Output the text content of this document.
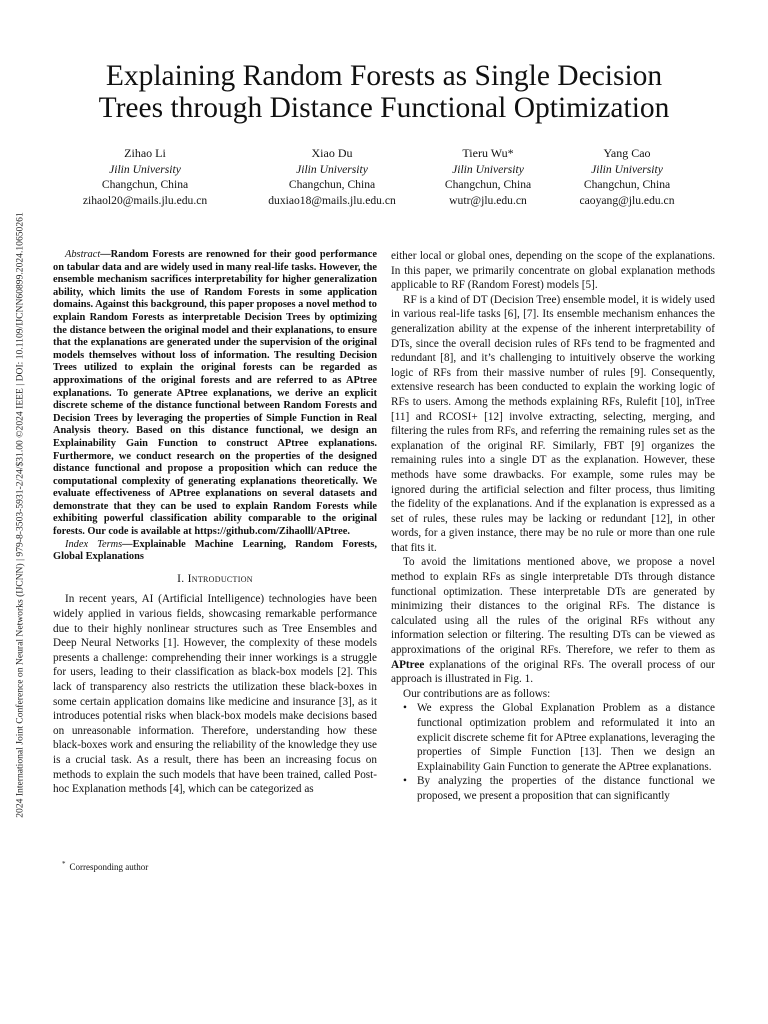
2024 International Joint Conference on Neural Networks (IJCNN) | 979-8-3503-5931-2/24/$31.00 ©2024 IEEE | DOI: 10.1109/IJCNN60899.2024.10650261
Explaining Random Forests as Single Decision
Trees through Distance Functional Optimization
Zihao Li
Jilin University
Changchun, China
zihaol20@mails.jlu.edu.cn
Xiao Du
Jilin University
Changchun, China
duxiao18@mails.jlu.edu.cn
Tieru Wu*
Jilin University
Changchun, China
wutr@jlu.edu.cn
Yang Cao
Jilin University
Changchun, China
caoyang@jlu.edu.cn

Abstract—Random Forests are renowned for their good performance on tabular data and are widely used in many real-life tasks. However, the ensemble mechanism sacrifices interpretability for higher generalization ability, which limits the use of Random Forests in some application domains. Against this background, this paper proposes a novel method to explain Random Forests as interpretable Decision Trees by optimizing the distance between the original model and their explanations, to ensure that the explanations are generated under the supervision of the original models themselves without loss of information. The resulting Decision Trees utilized to explain the original forests can be regarded as approximations of the original forests and are referred to as APtree explanations. To generate APtree explanations, we derive an explicit discrete scheme of the distance functional between Random Forests and Decision Trees by leveraging the properties of Simple Function in Real Analysis theory. Based on this distance functional, we design an Explainability Gain Function to construct APtree explanations. Furthermore, we conduct research on the properties of the designed distance functional and propose a proposition which can reduce the computational complexity of generating explanations theoretically. We evaluate effectiveness of APtree explanations on several datasets and demonstrate that they can be used to explain Random Forests while exhibiting powerful classification ability comparable to the original forests. Our code is available at https://github.com/Zihaolll/APtree.

Index Terms—Explainable Machine Learning, Random Forests, Global Explanations

I. Introduction

In recent years, AI (Artificial Intelligence) technologies have been widely applied in various fields, showcasing remarkable performance due to their highly nonlinear structures such as Tree Ensembles and Deep Neural Networks [1]. However, the complexity of these models presents a challenge: comprehending their inner workings is a struggle for users, leading to their classification as black-box models [2]. This lack of transparency also restricts the utilization these black-boxes in some certain application domains like medicine and insurance [3], as it introduces potential risks when black-box models make decisions based on unreasonable information. Therefore, understanding how these black-boxes work and ensuring the reliability of the knowledge they use is a crucial task. As a result, there has been an increasing focus on methods to explain the such models that have been trained, called Post-hoc Explanation methods [4], which can be categorized as

* Corresponding author

either local or global ones, depending on the scope of the explanations. In this paper, we primarily concentrate on global explanation methods applicable to RF (Random Forest) models [5].

RF is a kind of DT (Decision Tree) ensemble model, it is widely used in various real-life tasks [6], [7]. Its ensemble mechanism enhances the generalization ability at the expense of the inherent interpretability of DTs, since the overall decision rules of RFs tend to be fragmented and redundant [8], and it’s challenging to intuitively observe the working logic of RFs from their massive number of rules [9]. Consequently, extensive research has been conducted to explain the working logic of RFs to users. Among the methods explaining RFs, Rulefit [10], inTree [11] and RCOSI+ [12] involve extracting, selecting, merging, and filtering the rules from RFs, and referring the remaining rules set as the explanation of the original RF. Similarly, FBT [9] organizes the remaining rules into a single DT as the explanation. However, these methods have some drawbacks. For example, some rules may be ignored during the artificial selection and filter process, thus limiting the fidelity of the explanations. And if the explanation is expressed as a set of rules, these rules may be lacking or redundant [12], in other words, for a given instance, there may be no rule or more than one rule that fits it.

To avoid the limitations mentioned above, we propose a novel method to explain RFs as single interpretable DTs through distance functional optimization. These interpretable DTs are generated by minimizing their distances to the original RFs. The distance is calculated using all the rules of the original RFs without any information selection or filtering. The resulting DTs can be viewed as approximations of the original RFs. Therefore, we refer to them as APtree explanations of the original RFs. The overall process of our approach is illustrated in Fig. 1.

Our contributions are as follows:

• We express the Global Explanation Problem as a distance functional optimization problem and reformulated it into an explicit discrete scheme fit for APtree explanations, leveraging the properties of Simple Function [13]. Then we design an Explainability Gain Function to generate the APtree explanations.
• By analyzing the properties of the distance functional we proposed, we present a proposition that can significantly
